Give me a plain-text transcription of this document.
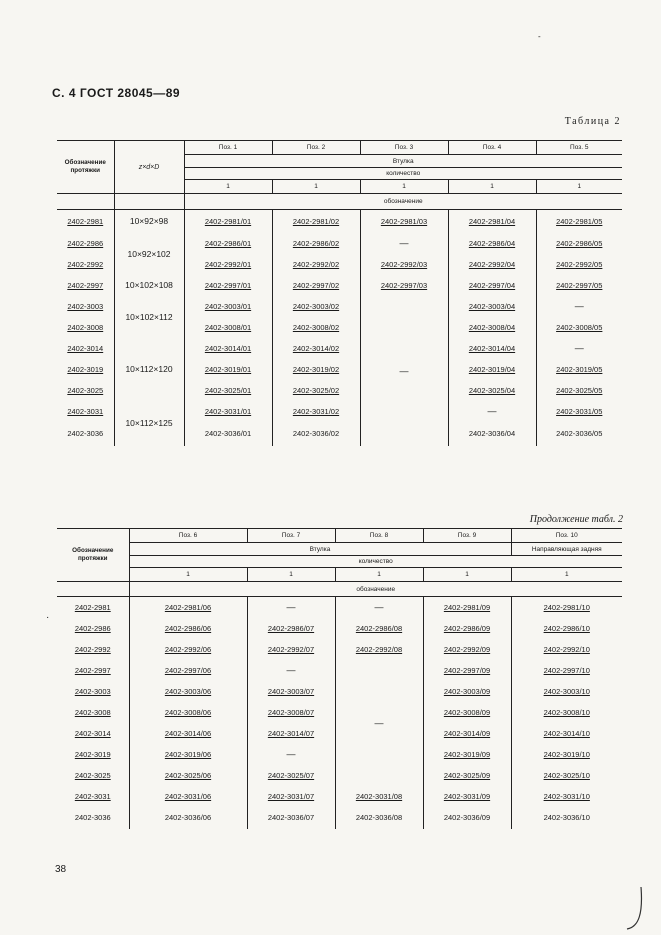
С. 4 ГОСТ 28045—89
-
Таблица 2
Обозначение протяжки	z×d×D	Поз. 1	Поз. 2	Поз. 3	Поз. 4	Поз. 5
		Втулка				
		количество				
		1	1	1	1	1
		обозначение				
2402-2981	10×92×98	2402-2981/01	2402-2981/02	2402-2981/03	2402-2981/04	2402-2981/05
2402-2986	10×92×102	2402-2986/01	2402-2986/02	—	2402-2986/04	2402-2986/05
2402-2992		2402-2992/01	2402-2992/02	2402-2992/03	2402-2992/04	2402-2992/05
2402-2997	10×102×108	2402-2997/01	2402-2997/02	2402-2997/03	2402-2997/04	2402-2997/05
2402-3003	10×102×112	2402-3003/01	2402-3003/02	—	2402-3003/04	—
2402-3008		2402-3008/01	2402-3008/02		2402-3008/04	2402-3008/05
2402-3014	10×112×120	2402-3014/01	2402-3014/02		2402-3014/04	—
2402-3019		2402-3019/01	2402-3019/02		2402-3019/04	2402-3019/05
2402-3025		2402-3025/01	2402-3025/02		2402-3025/04	2402-3025/05
2402-3031	10×112×125	2402-3031/01	2402-3031/02		—	2402-3031/05
2402-3036		2402-3036/01	2402-3036/02		2402-3036/04	2402-3036/05
Продолжение табл. 2
Обозначение протяжки	Поз. 6	Поз. 7	Поз. 8	Поз. 9	Поз. 10
	Втулка				Направляющая задняя
	количество				
	1	1	1	1	1
	обозначение				
2402-2981	2402-2981/06	—	—	2402-2981/09	2402-2981/10
2402-2986	2402-2986/06	2402-2986/07	2402-2986/08	2402-2986/09	2402-2986/10
2402-2992	2402-2992/06	2402-2992/07	2402-2992/08	2402-2992/09	2402-2992/10
2402-2997	2402-2997/06	—	—	2402-2997/09	2402-2997/10
2402-3003	2402-3003/06	2402-3003/07		2402-3003/09	2402-3003/10
2402-3008	2402-3008/06	2402-3008/07		2402-3008/09	2402-3008/10
2402-3014	2402-3014/06	2402-3014/07		2402-3014/09	2402-3014/10
2402-3019	2402-3019/06	—		2402-3019/09	2402-3019/10
2402-3025	2402-3025/06	2402-3025/07		2402-3025/09	2402-3025/10
2402-3031	2402-3031/06	2402-3031/07	2402-3031/08	2402-3031/09	2402-3031/10
2402-3036	2402-3036/06	2402-3036/07	2402-3036/08	2402-3036/09	2402-3036/10
·
38
